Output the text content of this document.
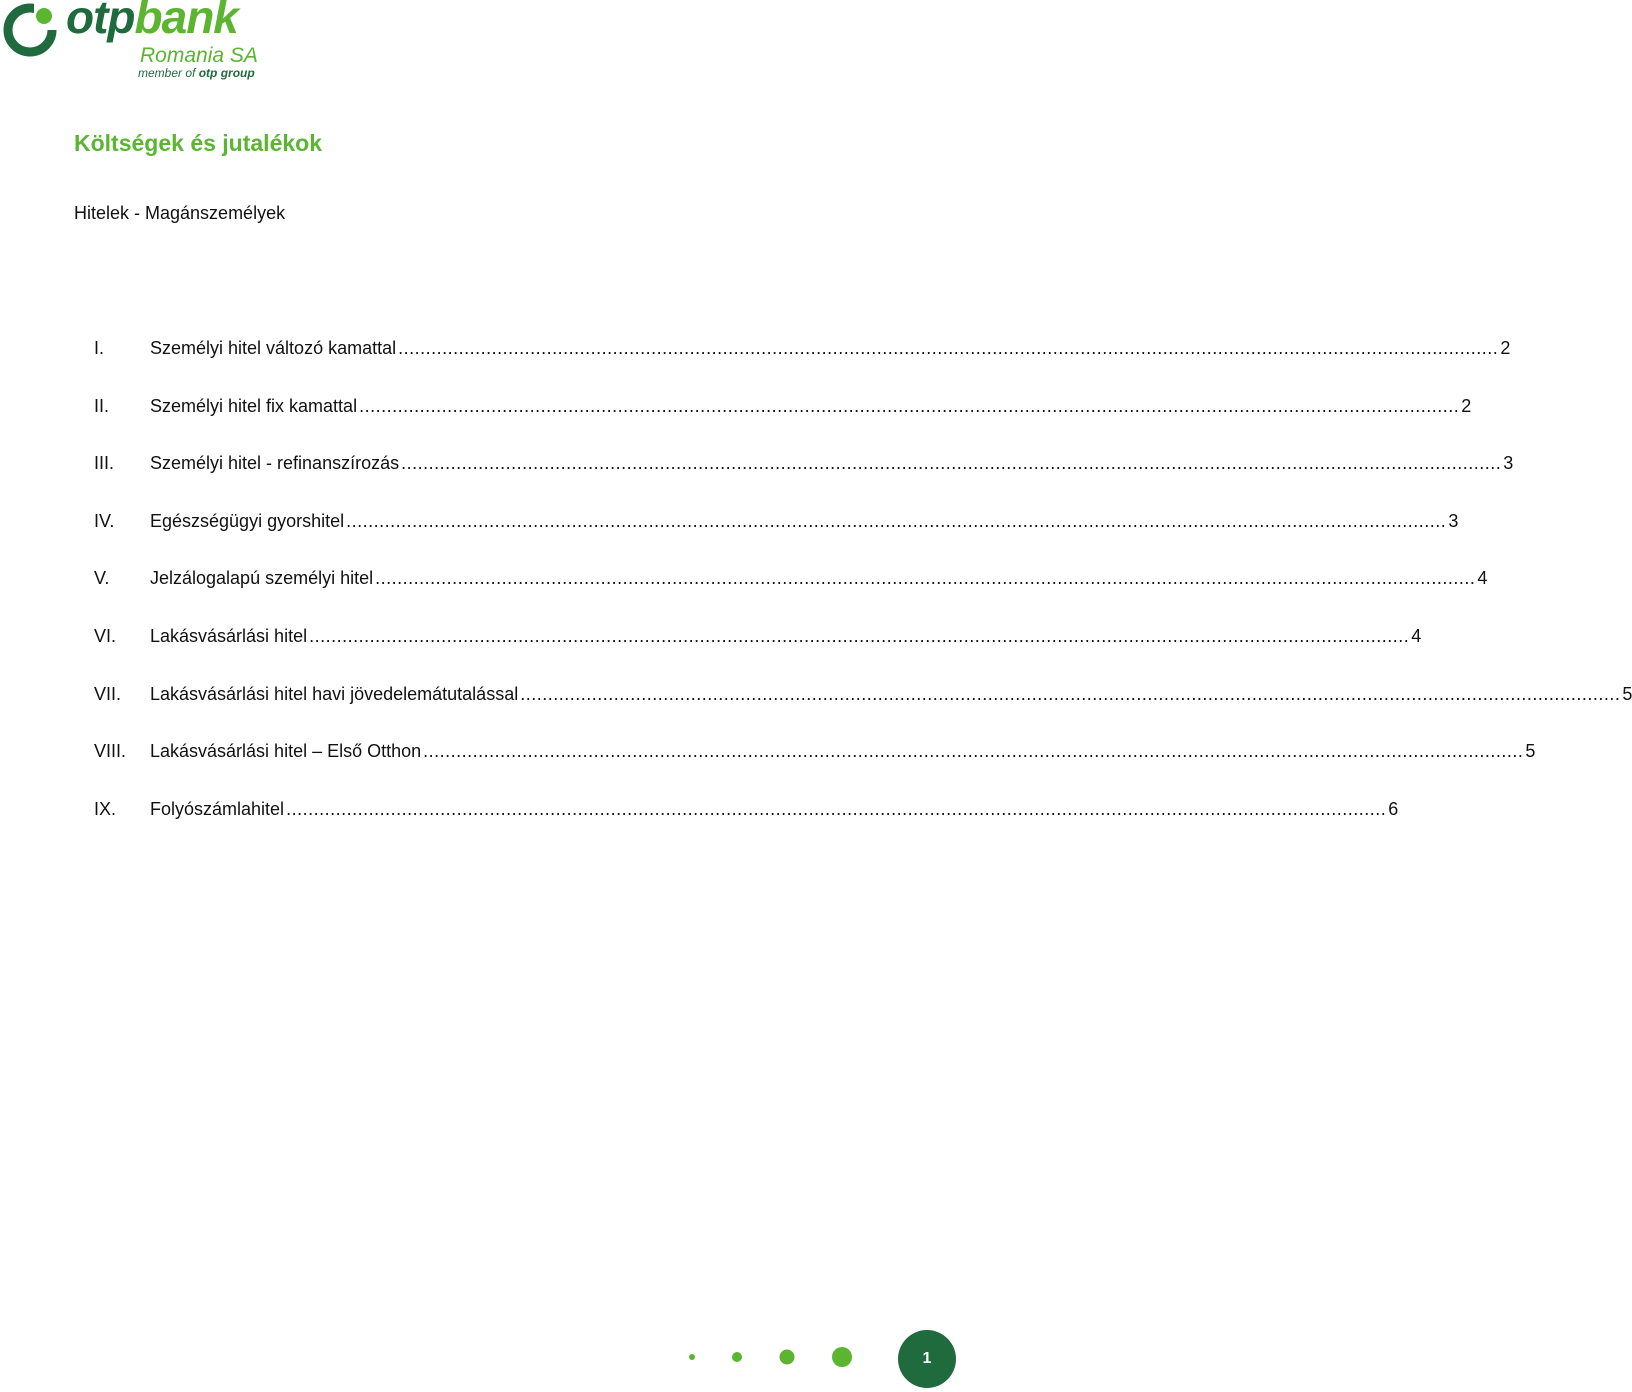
otpbank
Romania SA
member of otp group
Költségek és jutalékok
Hitelek - Magánszemélyek
I.	Személyi hitel változó kamattal ........................................................................................................................................................................................................ 2
II.	Személyi hitel fix kamattal ........................................................................................................................................................................................................ 2
III.	Személyi hitel - refinanszírozás ........................................................................................................................................................................................................ 3
IV.	Egészségügyi gyorshitel ........................................................................................................................................................................................................ 3
V.	Jelzálogalapú személyi hitel ........................................................................................................................................................................................................ 4
VI.	Lakásvásárlási hitel ........................................................................................................................................................................................................ 4
VII.	Lakásvásárlási hitel havi jövedelemátutalással ........................................................................................................................................................................................................ 5
VIII.	Lakásvásárlási hitel – Első Otthon ........................................................................................................................................................................................................ 5
IX.	Folyószámlahitel ........................................................................................................................................................................................................ 6
1
